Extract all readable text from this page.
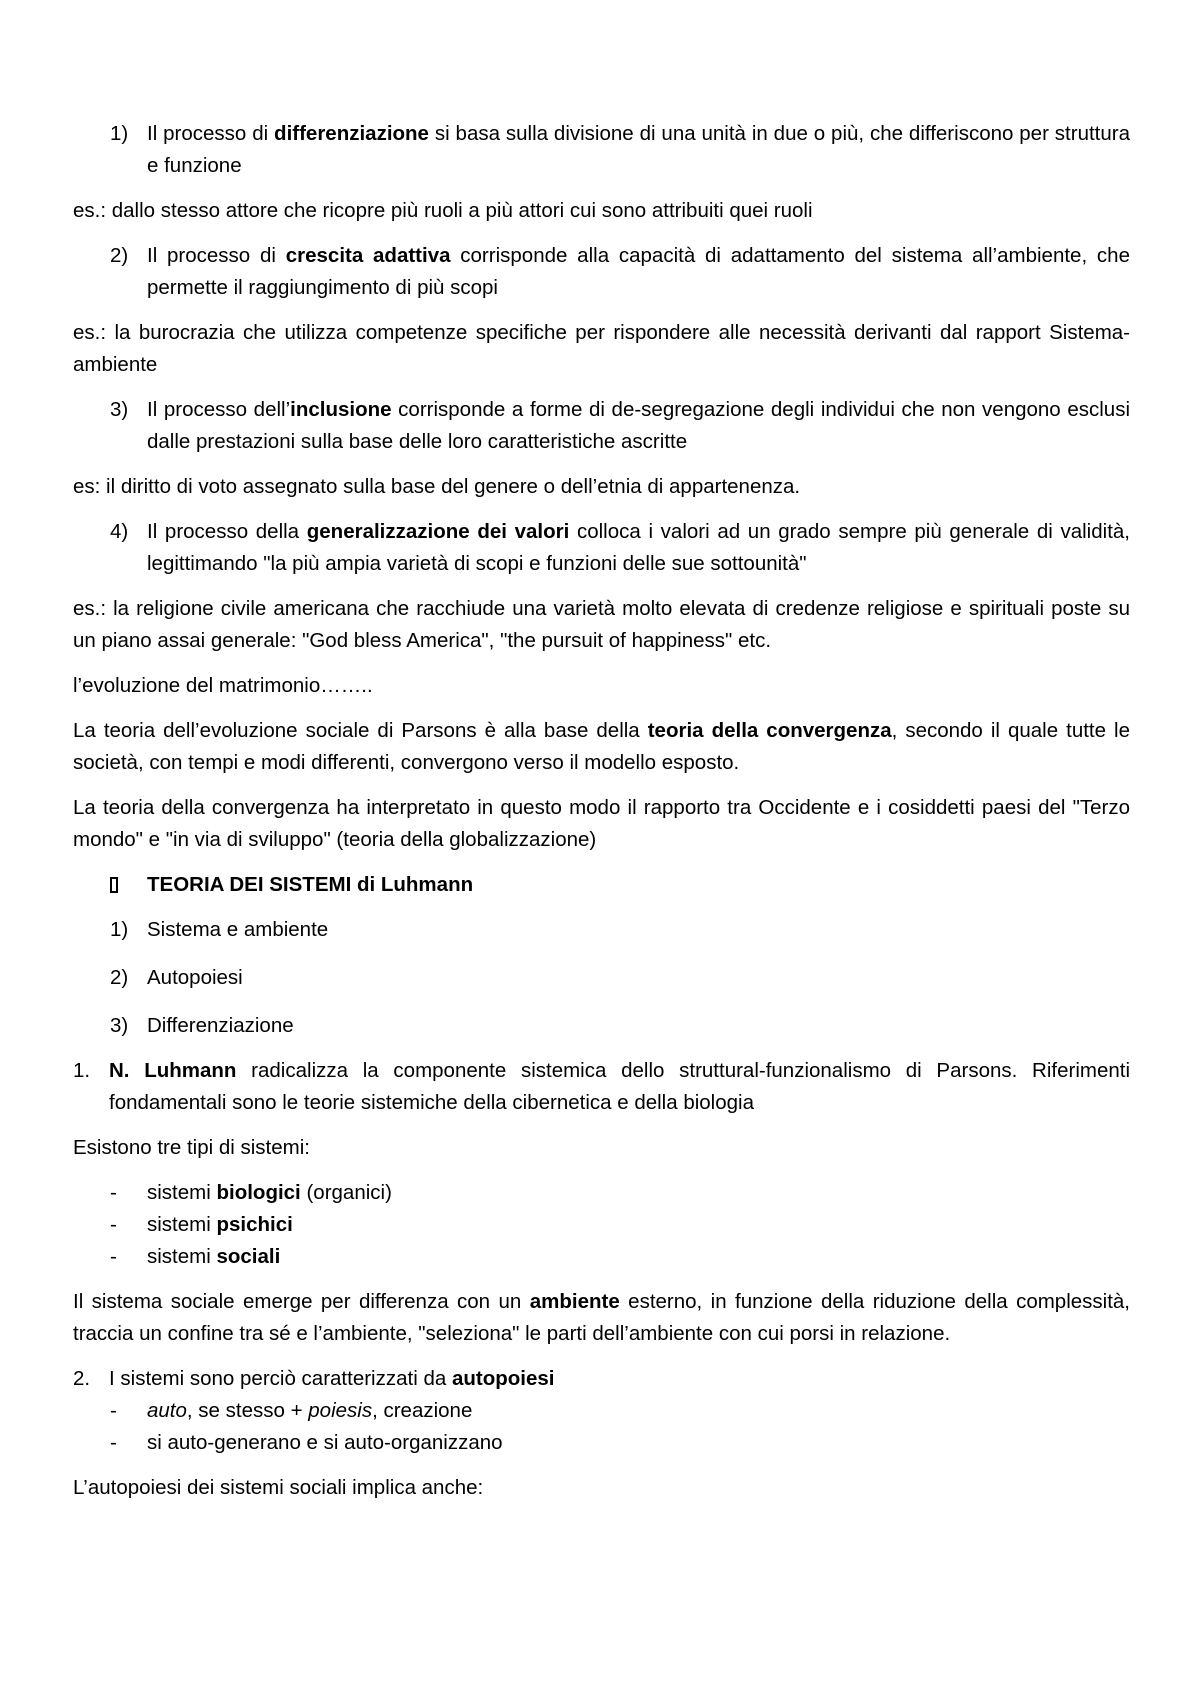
1) Il processo di differenziazione si basa sulla divisione di una unità in due o più, che differiscono per struttura e funzione

es.: dallo stesso attore che ricopre più ruoli a più attori cui sono attribuiti quei ruoli

2) Il processo di crescita adattiva corrisponde alla capacità di adattamento del sistema all’ambiente, che permette il raggiungimento di più scopi

es.: la burocrazia che utilizza competenze specifiche per rispondere alle necessità derivanti dal rapport Sistema-ambiente

3) Il processo dell’inclusione corrisponde a forme di de-segregazione degli individui che non vengono esclusi dalle prestazioni sulla base delle loro caratteristiche ascritte

es: il diritto di voto assegnato sulla base del genere o dell’etnia di appartenenza.

4) Il processo della generalizzazione dei valori colloca i valori ad un grado sempre più generale di validità, legittimando "la più ampia varietà di scopi e funzioni delle sue sottounità"

es.: la religione civile americana che racchiude una varietà molto elevata di credenze religiose e spirituali poste su un piano assai generale: "God bless America", "the pursuit of happiness" etc.

l’evoluzione del matrimonio……..

La teoria dell’evoluzione sociale di Parsons è alla base della teoria della convergenza, secondo il quale tutte le società, con tempi e modi differenti, convergono verso il modello esposto.

La teoria della convergenza ha interpretato in questo modo il rapporto tra Occidente e i cosiddetti paesi del "Terzo mondo" e "in via di sviluppo" (teoria della globalizzazione)

TEORIA DEI SISTEMI di Luhmann
1) Sistema e ambiente
2) Autopoiesi
3) Differenziazione
1. N. Luhmann radicalizza la componente sistemica dello struttural-funzionalismo di Parsons. Riferimenti fondamentali sono le teorie sistemiche della cibernetica e della biologia

Esistono tre tipi di sistemi:

-	sistemi biologici (organici)
-	sistemi psichici
-	sistemi sociali

Il sistema sociale emerge per differenza con un ambiente esterno, in funzione della riduzione della complessità, traccia un confine tra sé e l’ambiente, "seleziona" le parti dell’ambiente con cui porsi in relazione.

2. I sistemi sono perciò caratterizzati da autopoiesi
-	auto, se stesso + poiesis, creazione
-	si auto-generano e si auto-organizzano

L’autopoiesi dei sistemi sociali implica anche:
